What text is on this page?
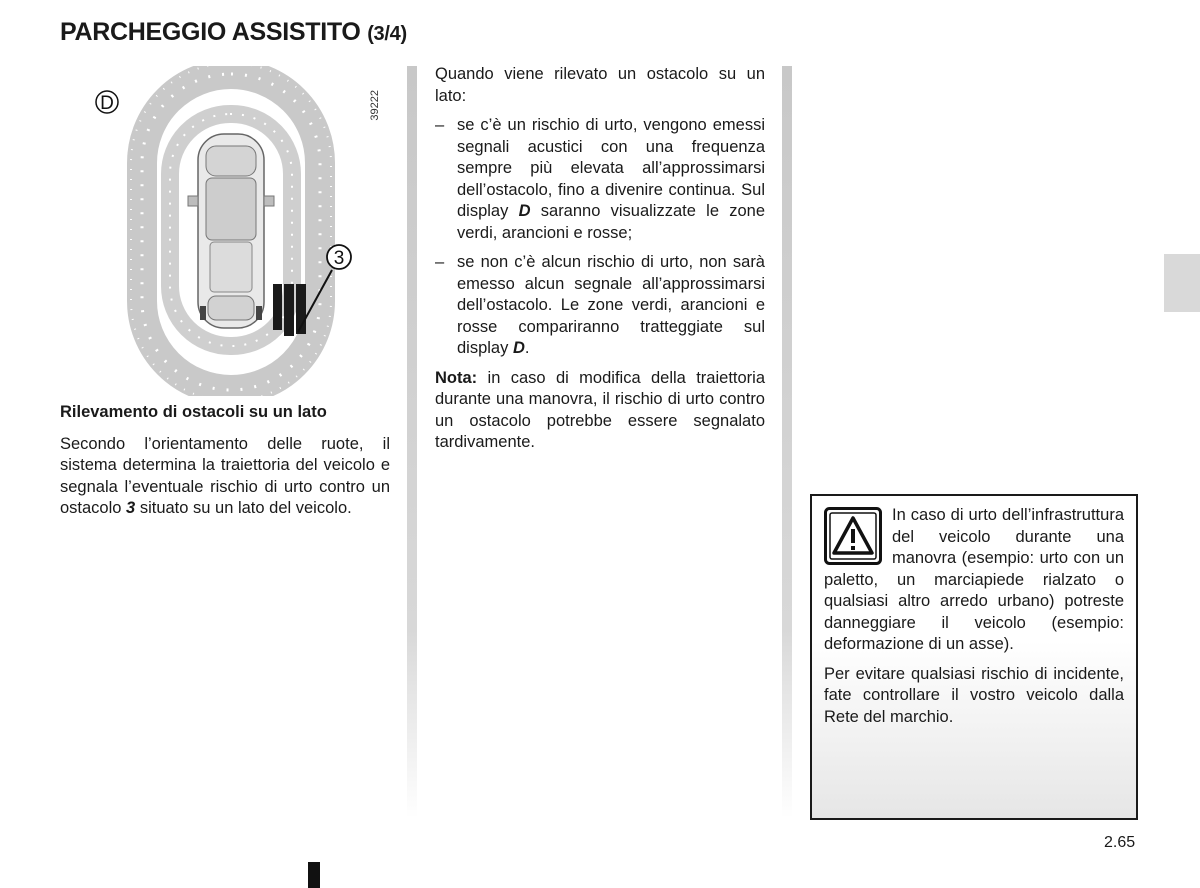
PARCHEGGIO ASSISTITO (3/4)
D
3
39222
Rilevamento di ostacoli su un lato

Secondo l’orientamento delle ruote, il sistema determina la traiettoria del veicolo e segnala l’eventuale rischio di urto contro un ostacolo 3 situato su un lato del veicolo.

Quando viene rilevato un ostacolo su un lato:

– se c’è un rischio di urto, vengono emessi segnali acustici con una frequenza sempre più elevata all’approssimarsi dell’ostacolo, fino a divenire continua. Sul display D saranno visualizzate le zone verdi, arancioni e rosse;
– se non c’è alcun rischio di urto, non sarà emesso alcun segnale all’approssimarsi dell’ostacolo. Le zone verdi, arancioni e rosse compariranno tratteggiate sul display D.

Nota: in caso di modifica della traiettoria durante una manovra, il rischio di urto contro un ostacolo potrebbe essere segnalato tardivamente.

In caso di urto dell’infrastruttura del veicolo durante una manovra (esempio: urto con un paletto, un marciapiede rialzato o qualsiasi altro arredo urbano) potreste danneggiare il veicolo (esempio: deformazione di un asse).

Per evitare qualsiasi rischio di incidente, fate controllare il vostro veicolo dalla Rete del marchio.

2.65
